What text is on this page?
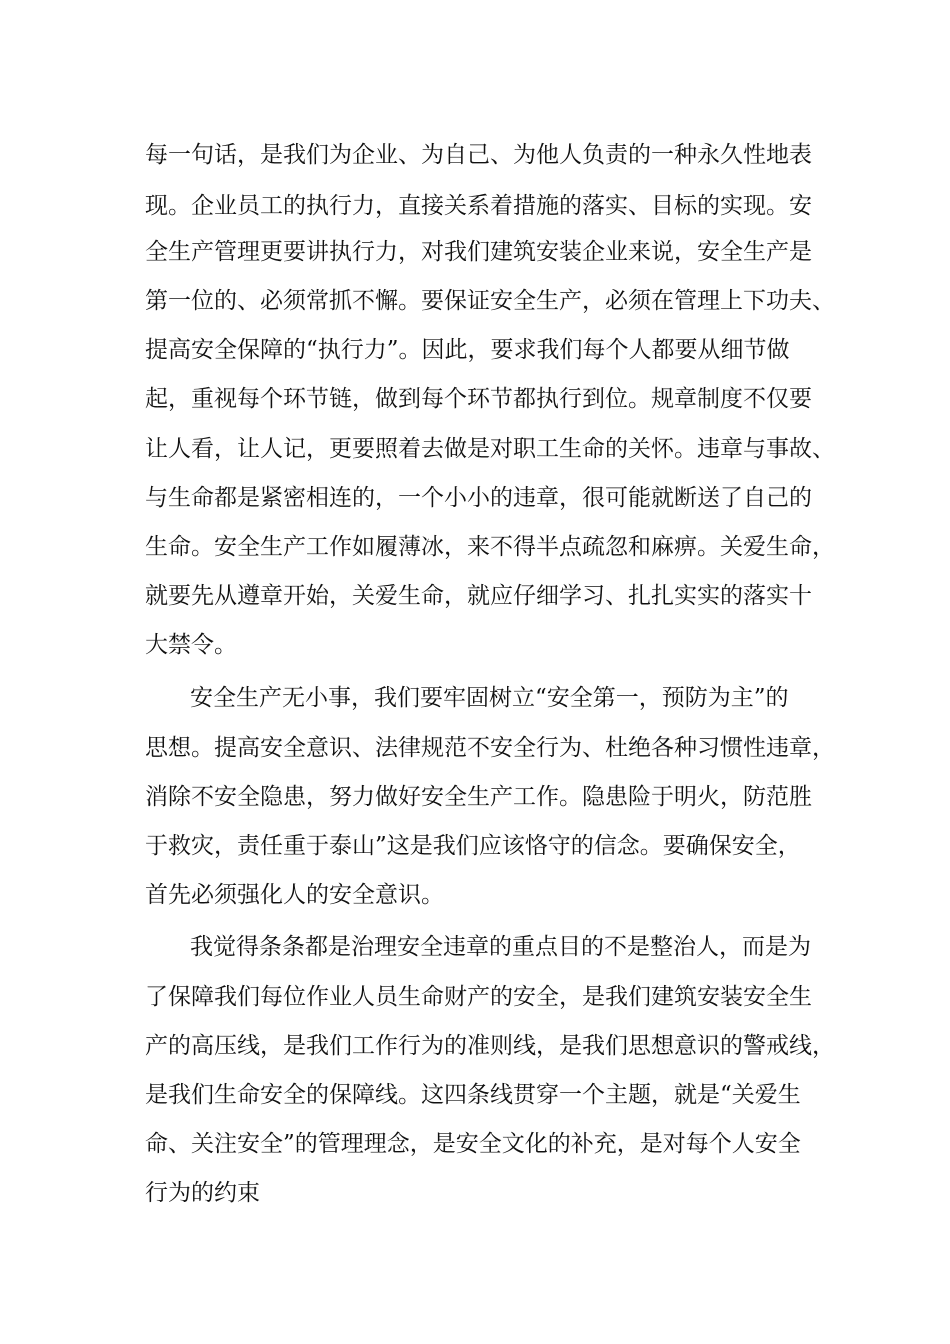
每一句话，是我们为企业、为自己、为他人负责的一种永久性地表

现。企业员工的执行力，直接关系着措施的落实、目标的实现。安

全生产管理更要讲执行力，对我们建筑安装企业来说，安全生产是

第一位的、必须常抓不懈。要保证安全生产，必须在管理上下功夫、

提高安全保障的“执行力”。因此，要求我们每个人都要从细节做

起，重视每个环节链，做到每个环节都执行到位。规章制度不仅要

让人看，让人记，更要照着去做是对职工生命的关怀。违章与事故、

与生命都是紧密相连的，一个小小的违章，很可能就断送了自己的

生命。安全生产工作如履薄冰，来不得半点疏忽和麻痹。关爱生命，

就要先从遵章开始，关爱生命，就应仔细学习、扎扎实实的落实十

大禁令。

安全生产无小事，我们要牢固树立“安全第一，预防为主”的

思想。提高安全意识、法律规范不安全行为、杜绝各种习惯性违章，

消除不安全隐患，努力做好安全生产工作。隐患险于明火，防范胜

于救灾，责任重于泰山”这是我们应该恪守的信念。要确保安全，

首先必须强化人的安全意识。

我觉得条条都是治理安全违章的重点目的不是整治人，而是为

了保障我们每位作业人员生命财产的安全，是我们建筑安装安全生

产的高压线，是我们工作行为的准则线，是我们思想意识的警戒线，

是我们生命安全的保障线。这四条线贯穿一个主题，就是“关爱生

命、关注安全”的管理理念，是安全文化的补充，是对每个人安全

行为的约束
